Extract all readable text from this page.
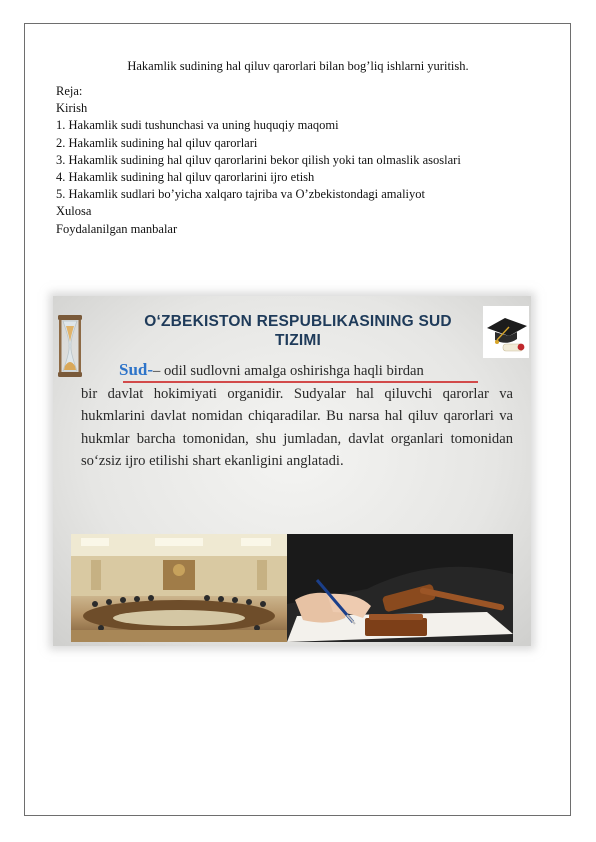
Hakamlik sudining hal qiluv qarorlari bilan bog’liq ishlarni yuritish.
Reja:
Kirish
1. Hakamlik sudi tushunchasi va uning huquqiy maqomi
2. Hakamlik sudining hal qiluv qarorlari
3. Hakamlik sudining hal qiluv qarorlarini bekor qilish yoki tan olmaslik asoslari
4. Hakamlik sudining hal qiluv qarorlarini ijro etish
5. Hakamlik sudlari bo’yicha xalqaro tajriba va O’zbekistondagi amaliyot
Xulosa
Foydalanilgan manbalar
O‘ZBEKISTON RESPUBLIKASINING SUD
TIZIMI
Sud-– odil sudlovni amalga oshirishga haqli birdan
bir davlat hokimiyati organidir. Sudyalar hal qiluvchi qarorlar va hukmlarini davlat nomidan chiqaradilar. Bu narsa hal qiluv qarorlari va hukmlar barcha tomonidan, shu jumladan, davlat organlari tomonidan so‘zsiz ijro etilishi shart ekanligini anglatadi.
